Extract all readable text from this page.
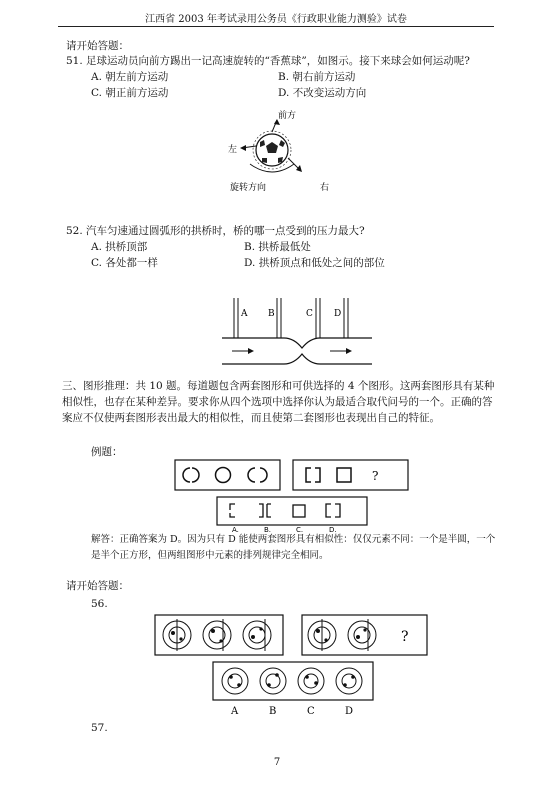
江西省 2003 年考试录用公务员《行政职业能力测验》试卷
请开始答题：
51. 足球运动员向前方踢出一记高速旋转的“香蕉球”，如图示。接下来球会如何运动呢?
A. 朝左前方运动	B. 朝右前方运动
C. 朝正前方运动	D. 不改变运动方向
前方
左
旋转方向	右
52. 汽车匀速通过圆弧形的拱桥时，桥的哪一点受到的压力最大?
A. 拱桥顶部	B. 拱桥最低处
C. 各处都一样	D. 拱桥顶点和低处之间的部位
A B	C D
三、图形推理：共 10 题。每道题包含两套图形和可供选择的 4 个图形。这两套图形具有某种相似性，也存在某种差异。要求你从四个选项中选择你认为最适合取代问号的一个。正确的答案应不仅使两套图形表出最大的相似性，而且使第二套图形也表现出自己的特征。
例题：
?
A.	B.	C.	D.
解答：正确答案为 D。因为只有 D 能使两套图形具有相似性：仅仅元素不同：一个是半圆，一个是半个正方形，但两组图形中元素的排列规律完全相同。
请开始答题：
56.
?
A	B	C	D
57.
7
